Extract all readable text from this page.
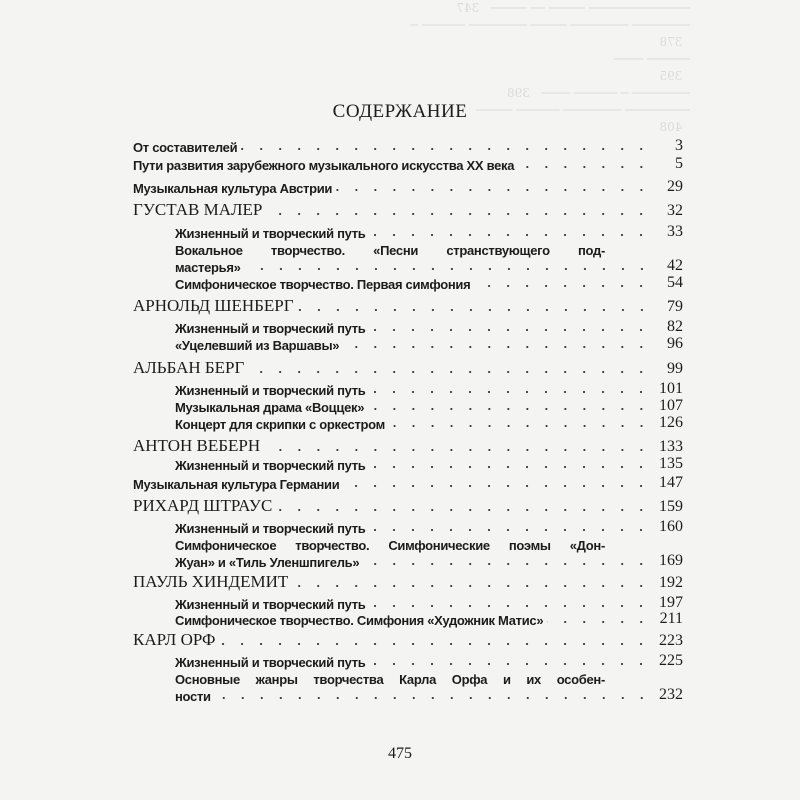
────────────── ───── ── ─────   347
──────── ──────── ───── ──────── ────── ─
378
────── ────
395
──────── ─ ────── ────   398
───────── ──────── ────── ─────
408
СОДЕРЖАНИЕ
От составителей	3
Пути развития зарубежного музыкального искусства XX века	5
Музыкальная культура Австрии	29
ГУСТАВ МАЛЕР	32
Жизненный и творческий путь	33
Вокальное творчество. «Песни странствующего под-
мастерья»	42
Симфоническое творчество. Первая симфония	54
АРНОЛЬД ШЕНБЕРГ	79
Жизненный и творческий путь	82
«Уцелевший из Варшавы»	96
АЛЬБАН БЕРГ	99
Жизненный и творческий путь	101
Музыкальная драма «Воццек»	107
Концерт для скрипки с оркестром	126
АНТОН ВЕБЕРН	133
Жизненный и творческий путь	135
Музыкальная культура Германии	147
РИХАРД ШТРАУС	159
Жизненный и творческий путь	160
Симфоническое творчество. Симфонические поэмы «Дон-
Жуан» и «Тиль Уленшпигель»	169
ПАУЛЬ ХИНДЕМИТ	192
Жизненный и творческий путь	197
Симфоническое творчество. Симфония «Художник Матис»	211
КАРЛ ОРФ	223
Жизненный и творческий путь	225
Основные жанры творчества Карла Орфа и их особен-
ности	232
475
